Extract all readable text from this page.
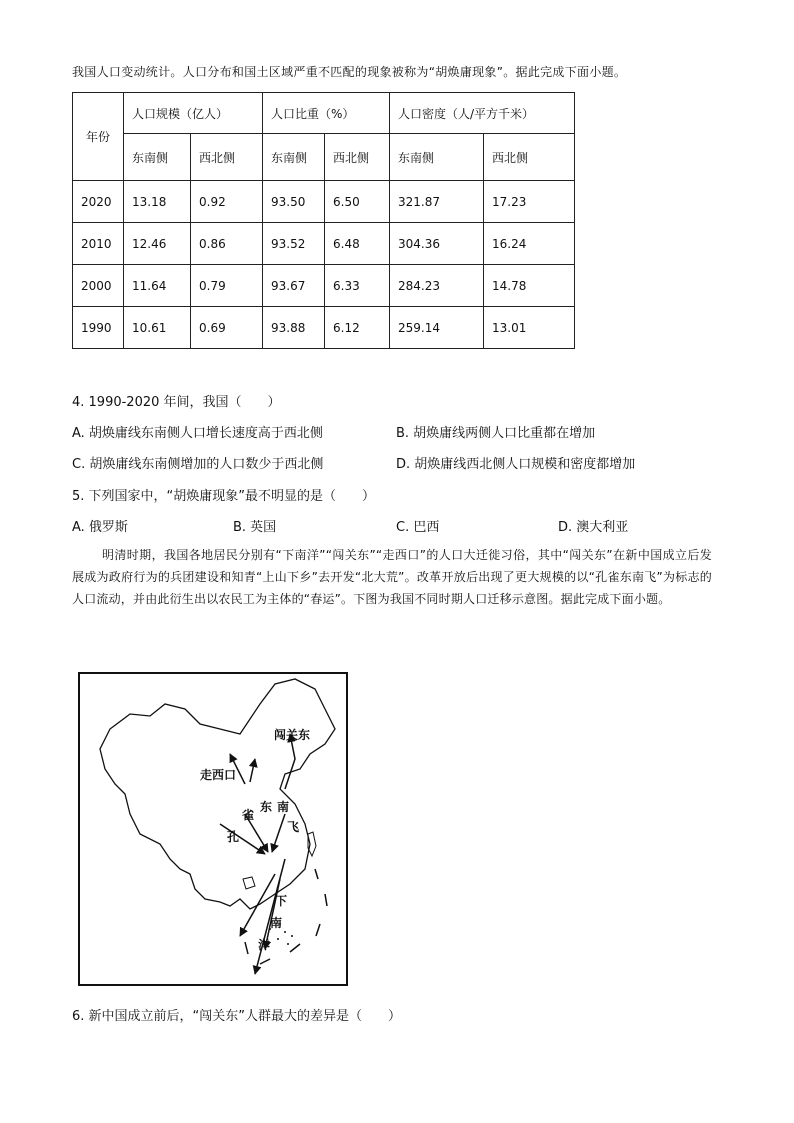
我国人口变动统计。人口分布和国土区域严重不匹配的现象被称为“胡焕庸现象”。据此完成下面小题。
年份	人口规模（亿人）		人口比重（%）		人口密度（人/平方千米）	
	东南侧	西北侧	东南侧	西北侧	东南侧	西北侧
2020	13.18	0.92	93.50	6.50	321.87	17.23
2010	12.46	0.86	93.52	6.48	304.36	16.24
2000	11.64	0.79	93.67	6.33	284.23	14.78
1990	10.61	0.69	93.88	6.12	259.14	13.01
4. 1990-2020 年间，我国（　　）
A. 胡焕庸线东南侧人口增长速度高于西北侧	B. 胡焕庸线两侧人口比重都在增加
C. 胡焕庸线东南侧增加的人口数少于西北侧	D. 胡焕庸线西北侧人口规模和密度都增加
5. 下列国家中，“胡焕庸现象”最不明显的是（　　）
A. 俄罗斯	B. 英国	C. 巴西	D. 澳大利亚
明清时期，我国各地居民分别有“下南洋”“闯关东”“走西口”的人口大迁徙习俗，其中“闯关东”在新中国成立后发展成为政府行为的兵团建设和知青“上山下乡”去开发“北大荒”。改革开放后出现了更大规模的以“孔雀东南飞”为标志的人口流动，并由此衍生出以农民工为主体的“春运”。下图为我国不同时期人口迁移示意图。据此完成下面小题。
闯关东
走西口
雀
东 南
飞
孔
下
南
洋
6. 新中国成立前后，“闯关东”人群最大的差异是（　　）
